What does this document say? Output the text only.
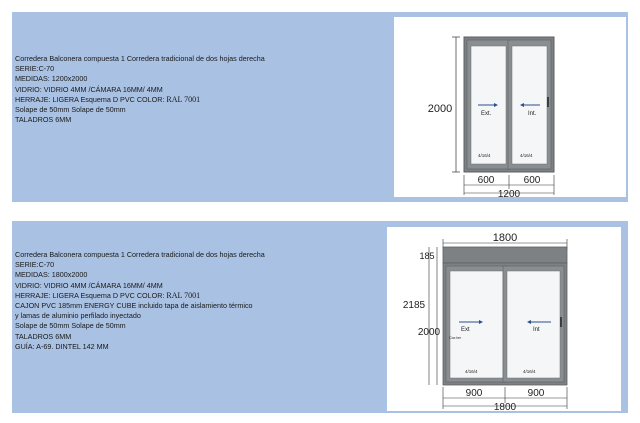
Corredera Balconera compuesta 1 Corredera tradicional de dos hojas derecha
SERIE:C-70
MEDIDAS: 1200x2000
VIDRIO: VIDRIO 4MM /CÁMARA 16MM/ 4MM
HERRAJE: LIGERA Esquema D PVC COLOR: RAL 7001
Solape de 50mm Solape de 50mm
TALADROS 6MM
2000	Ext.	Int.
4/16/4	4/16/4
600	600
1200
Corredera Balconera compuesta 1 Corredera tradicional de dos hojas derecha
SERIE:C-70
MEDIDAS: 1800x2000
VIDRIO: VIDRIO 4MM /CÁMARA 16MM/ 4MM
HERRAJE: LIGERA Esquema D PVC COLOR: RAL 7001
CAJON PVC 185mm ENERGY CUBE incluido tapa de aislamiento térmico
y lamas de aluminio perfilado inyectado
Solape de 50mm Solape de 50mm
TALADROS 6MM
GUÍA: A-69. DINTEL 142 MM
1800
2185
185
2000	Ext	Int
Cor.ter
4/16/4	4/16/4
900	900
1800
